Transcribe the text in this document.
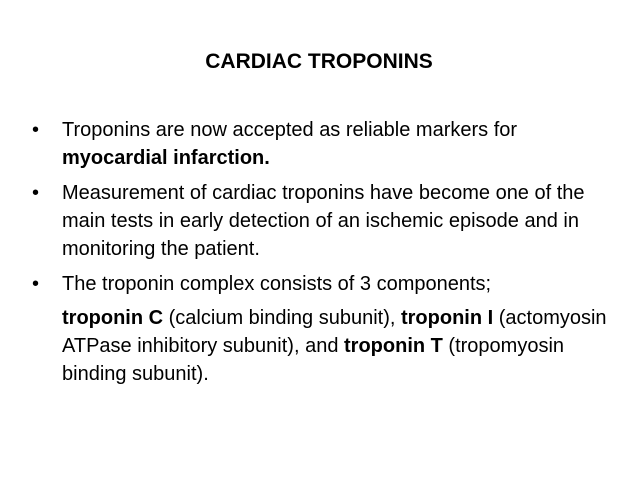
CARDIAC TROPONINS
• Troponins are now accepted as reliable markers for myocardial infarction.
• Measurement of cardiac troponins have become one of the main tests in early detection of an ischemic episode and in monitoring the patient.
• The troponin complex consists of 3 components;
troponin C (calcium binding subunit), troponin I (actomyosin ATPase inhibitory subunit), and troponin T (tropomyosin binding subunit).
